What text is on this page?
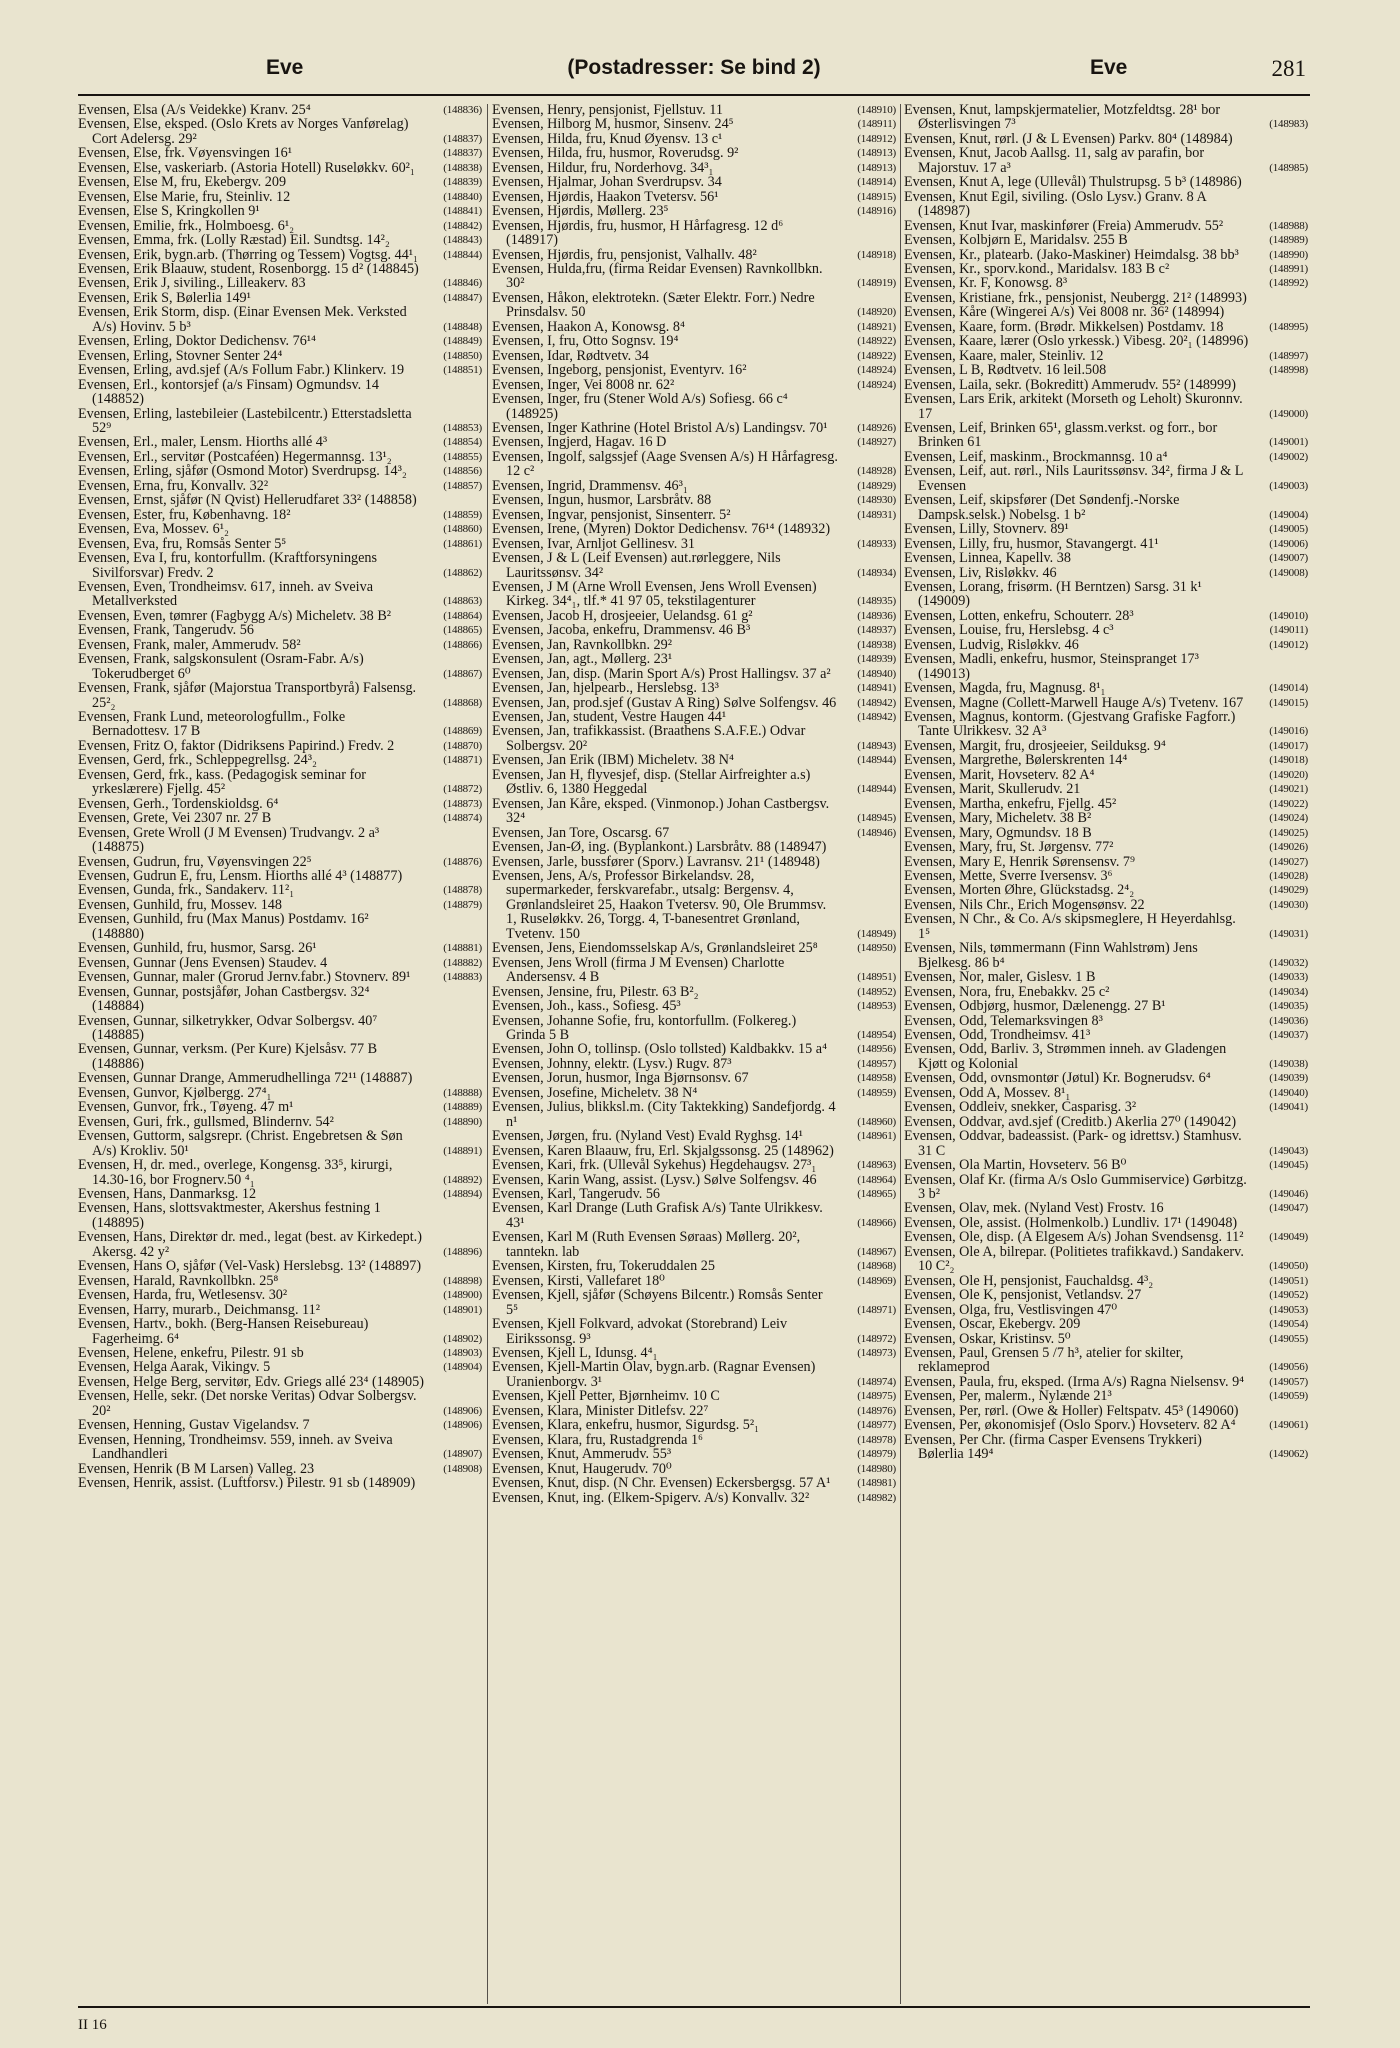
Eve	(Postadresser: Se bind 2)	Eve	281
Evensen, Elsa (A/s Veidekke) Kranv. 25⁴	(148836)
Evensen, Else, eksped. (Oslo Krets av Norges Vanførelag) Cort Adelersg. 29²	(148837)
Evensen, Else, frk. Vøyensvingen 16¹	(148837)
Evensen, Else, vaskeriarb. (Astoria Hotell) Ruseløkkv. 60²₁	(148838)
Evensen, Else M, fru, Ekebergv. 209	(148839)
Evensen, Else Marie, fru, Steinliv. 12	(148840)
Evensen, Else S, Kringkollen 9¹	(148841)
Evensen, Emilie, frk., Holmboesg. 6¹₂	(148842)
Evensen, Emma, frk. (Lolly Ræstad) Eil. Sundtsg. 14²₂	(148843)
Evensen, Erik, bygn.arb. (Thørring og Tessem) Vogtsg. 44¹₁ (148844)
Evensen, Erik Blaauw, student, Rosenborgg. 15 d² (148845)
Evensen, Erik J, siviling., Lilleakerv. 83	(148846)
Evensen, Erik S, Bølerlia 149¹	(148847)
Evensen, Erik Storm, disp. (Einar Evensen Mek. Verksted A/s) Hovinv. 5 b³	(148848)
Evensen, Erling, Doktor Dedichensv. 76¹⁴	(148849)
Evensen, Erling, Stovner Senter 24⁴	(148850)
Evensen, Erling, avd.sjef (A/s Follum Fabr.) Klinkerv. 19	(148851)
Evensen, Erl., kontorsjef (a/s Finsam) Ogmundsv. 14 (148852)
Evensen, Erling, lastebileier (Lastebilcentr.) Etterstadsletta 52⁹	(148853)
Evensen, Erl., maler, Lensm. Hiorths allé 4³	(148854)
Evensen, Erl., servitør (Postcaféen) Hegermannsg. 13¹₂	(148855)
Evensen, Erling, sjåfør (Osmond Motor) Sverdrupsg. 14³₂	(148856)
Evensen, Erna, fru, Konvallv. 32²	(148857)
Evensen, Ernst, sjåfør (N Qvist) Hellerudfaret 33² (148858)
Evensen, Ester, fru, Københavng. 18²	(148859)
Evensen, Eva, Mossev. 6¹₂	(148860)
Evensen, Eva, fru, Romsås Senter 5⁵	(148861)
Evensen, Eva I, fru, kontorfullm. (Kraftforsyningens Sivilforsvar) Fredv. 2	(148862)
Evensen, Even, Trondheimsv. 617, inneh. av Sveiva Metallverksted	(148863)
Evensen, Even, tømrer (Fagbygg A/s) Micheletv. 38 B²	(148864)
Evensen, Frank, Tangerudv. 56	(148865)
Evensen, Frank, maler, Ammerudv. 58²	(148866)
Evensen, Frank, salgskonsulent (Osram-Fabr. A/s) Tokerudberget 6⁰	(148867)
Evensen, Frank, sjåfør (Majorstua Transportbyrå) Falsensg. 25²₂	(148868)
Evensen, Frank Lund, meteorologfullm., Folke Bernadottesv. 17 B	(148869)
Evensen, Fritz O, faktor (Didriksens Papirind.) Fredv. 2	(148870)
Evensen, Gerd, frk., Schleppegrellsg. 24³₂	(148871)
Evensen, Gerd, frk., kass. (Pedagogisk seminar for yrkeslærere) Fjellg. 45²	(148872)
Evensen, Gerh., Tordenskioldsg. 6⁴	(148873)
Evensen, Grete, Vei 2307 nr. 27 B	(148874)
Evensen, Grete Wroll (J M Evensen) Trudvangv. 2 a³ (148875)
Evensen, Gudrun, fru, Vøyensvingen 22⁵	(148876)
Evensen, Gudrun E, fru, Lensm. Hiorths allé 4³ (148877)
Evensen, Gunda, frk., Sandakerv. 11²₁	(148878)
Evensen, Gunhild, fru, Mossev. 148	(148879)
Evensen, Gunhild, fru (Max Manus) Postdamv. 16² (148880)
Evensen, Gunhild, fru, husmor, Sarsg. 26¹	(148881)
Evensen, Gunnar (Jens Evensen) Staudev. 4	(148882)
Evensen, Gunnar, maler (Grorud Jernv.fabr.) Stovnerv. 89¹	(148883)
Evensen, Gunnar, postsjåfør, Johan Castbergsv. 32⁴ (148884)
Evensen, Gunnar, silketrykker, Odvar Solbergsv. 40⁷ (148885)
Evensen, Gunnar, verksm. (Per Kure) Kjelsåsv. 77 B (148886)
Evensen, Gunnar Drange, Ammerudhellinga 72¹¹ (148887)
Evensen, Gunvor, Kjølbergg. 27⁴₁	(148888)
Evensen, Gunvor, frk., Tøyeng. 47 m¹	(148889)
Evensen, Guri, frk., gullsmed, Blindernv. 54²	(148890)
Evensen, Guttorm, salgsrepr. (Christ. Engebretsen & Søn A/s) Krokliv. 50¹	(148891)
Evensen, H, dr. med., overlege, Kongensg. 33⁵, kirurgi, 14.30-16, bor Frognerv.50 ⁴₁	(148892)
Evensen, Hans, Danmarksg. 12	(148894)
Evensen, Hans, slottsvaktmester, Akershus festning 1 (148895)
Evensen, Hans, Direktør dr. med., legat (best. av Kirkedept.) Akersg. 42 y²	(148896)
Evensen, Hans O, sjåfør (Vel-Vask) Herslebsg. 13² (148897)
Evensen, Harald, Ravnkollbkn. 25⁸	(148898)
Evensen, Harda, fru, Wetlesensv. 30²	(148900)
Evensen, Harry, murarb., Deichmansg. 11²	(148901)
Evensen, Hartv., bokh. (Berg-Hansen Reisebureau) Fagerheimg. 6⁴	(148902)
Evensen, Helene, enkefru, Pilestr. 91 sb	(148903)
Evensen, Helga Aarak, Vikingv. 5	(148904)
Evensen, Helge Berg, servitør, Edv. Griegs allé 23⁴ (148905)
Evensen, Helle, sekr. (Det norske Veritas) Odvar Solbergsv. 20²	(148906)
Evensen, Henning, Gustav Vigelandsv. 7	(148906)
Evensen, Henning, Trondheimsv. 559, inneh. av Sveiva Landhandleri	(148907)
Evensen, Henrik (B M Larsen) Valleg. 23	(148908)
Evensen, Henrik, assist. (Luftforsv.) Pilestr. 91 sb (148909)
Evensen, Henry, pensjonist, Fjellstuv. 11	(148910)
Evensen, Hilborg M, husmor, Sinsenv. 24⁵	(148911)
Evensen, Hilda, fru, Knud Øyensv. 13 c¹	(148912)
Evensen, Hilda, fru, husmor, Roverudsg. 9²	(148913)
Evensen, Hildur, fru, Norderhovg. 34³₁	(148913)
Evensen, Hjalmar, Johan Sverdrupsv. 34	(148914)
Evensen, Hjørdis, Haakon Tvetersv. 56¹	(148915)
Evensen, Hjørdis, Møllerg. 23⁵	(148916)
Evensen, Hjørdis, fru, husmor, H Hårfagresg. 12 d⁶ (148917)
Evensen, Hjørdis, fru, pensjonist, Valhallv. 48²	(148918)
Evensen, Hulda,fru, (firma Reidar Evensen) Ravnkollbkn. 30²	(148919)
Evensen, Håkon, elektrotekn. (Sæter Elektr. Forr.) Nedre Prinsdalsv. 50	(148920)
Evensen, Haakon A, Konowsg. 8⁴	(148921)
Evensen, I, fru, Otto Sognsv. 19⁴	(148922)
Evensen, Idar, Rødtvetv. 34	(148922)
Evensen, Ingeborg, pensjonist, Eventyrv. 16²	(148924)
Evensen, Inger, Vei 8008 nr. 62²	(148924)
Evensen, Inger, fru (Stener Wold A/s) Sofiesg. 66 c⁴ (148925)
Evensen, Inger Kathrine (Hotel Bristol A/s) Landingsv. 70¹	(148926)
Evensen, Ingjerd, Hagav. 16 D	(148927)
Evensen, Ingolf, salgssjef (Aage Svensen A/s) H Hårfagresg. 12 c²	(148928)
Evensen, Ingrid, Drammensv. 46³₁	(148929)
Evensen, Ingun, husmor, Larsbråtv. 88	(148930)
Evensen, Ingvar, pensjonist, Sinsenterr. 5²	(148931)
Evensen, Irene, (Myren) Doktor Dedichensv. 76¹⁴ (148932)
Evensen, Ivar, Arnljot Gellinesv. 31	(148933)
Evensen, J & L (Leif Evensen) aut.rørleggere, Nils Lauritssønsv. 34²	(148934)
Evensen, J M (Arne Wroll Evensen, Jens Wroll Evensen) Kirkeg. 34⁴₁, tlf.* 41 97 05, tekstilagenturer	(148935)
Evensen, Jacob H, drosjeeier, Uelandsg. 61 g²	(148936)
Evensen, Jacoba, enkefru, Drammensv. 46 B³	(148937)
Evensen, Jan, Ravnkollbkn. 29²	(148938)
Evensen, Jan, agt., Møllerg. 23¹	(148939)
Evensen, Jan, disp. (Marin Sport A/s) Prost Hallingsv. 37 a² (148940)
Evensen, Jan, hjelpearb., Herslebsg. 13³	(148941)
Evensen, Jan, prod.sjef (Gustav A Ring) Sølve Solfengsv. 46 (148942)
Evensen, Jan, student, Vestre Haugen 44¹	(148942)
Evensen, Jan, trafikkassist. (Braathens S.A.F.E.) Odvar Solbergsv. 20²	(148943)
Evensen, Jan Erik (IBM) Micheletv. 38 N⁴	(148944)
Evensen, Jan H, flyvesjef, disp. (Stellar Airfreighter a.s) Østliv. 6, 1380 Heggedal	(148944)
Evensen, Jan Kåre, eksped. (Vinmonop.) Johan Castbergsv. 32⁴	(148945)
Evensen, Jan Tore, Oscarsg. 67	(148946)
Evensen, Jan-Ø, ing. (Byplankont.) Larsbråtv. 88 (148947)
Evensen, Jarle, bussfører (Sporv.) Lavransv. 21¹ (148948)
Evensen, Jens, A/s, Professor Birkelandsv. 28, supermarkeder, ferskvarefabr., utsalg: Bergensv. 4, Grønlandsleiret 25, Haakon Tvetersv. 90, Ole Brummsv. 1, Ruseløkkv. 26, Torgg. 4, T-banesentret Grønland, Tvetenv. 150	(148949)
Evensen, Jens, Eiendomsselskap A/s, Grønlandsleiret 25⁸	(148950)
Evensen, Jens Wroll (firma J M Evensen) Charlotte Andersensv. 4 B	(148951)
Evensen, Jensine, fru, Pilestr. 63 B²₂	(148952)
Evensen, Joh., kass., Sofiesg. 45³	(148953)
Evensen, Johanne Sofie, fru, kontorfullm. (Folkereg.) Grinda 5 B	(148954)
Evensen, John O, tollinsp. (Oslo tollsted) Kaldbakkv. 15 a⁴	(148956)
Evensen, Johnny, elektr. (Lysv.) Rugv. 87³	(148957)
Evensen, Jorun, husmor, Inga Bjørnsonsv. 67	(148958)
Evensen, Josefine, Micheletv. 38 N⁴	(148959)
Evensen, Julius, blikksl.m. (City Taktekking) Sandefjordg. 4 n¹	(148960)
Evensen, Jørgen, fru. (Nyland Vest) Evald Ryghsg. 14¹	(148961)
Evensen, Karen Blaauw, fru, Erl. Skjalgssonsg. 25 (148962)
Evensen, Kari, frk. (Ullevål Sykehus) Hegdehaugsv. 27³₁	(148963)
Evensen, Karin Wang, assist. (Lysv.) Sølve Solfengsv. 46	(148964)
Evensen, Karl, Tangerudv. 56	(148965)
Evensen, Karl Drange (Luth Grafisk A/s) Tante Ulrikkesv. 43¹	(148966)
Evensen, Karl M (Ruth Evensen Søraas) Møllerg. 20², tanntekn. lab	(148967)
Evensen, Kirsten, fru, Tokeruddalen 25	(148968)
Evensen, Kirsti, Vallefaret 18⁰	(148969)
Evensen, Kjell, sjåfør (Schøyens Bilcentr.) Romsås Senter 5⁵	(148971)
Evensen, Kjell Folkvard, advokat (Storebrand) Leiv Eirikssonsg. 9³	(148972)
Evensen, Kjell L, Idunsg. 4⁴₁	(148973)
Evensen, Kjell-Martin Olav, bygn.arb. (Ragnar Evensen) Uranienborgv. 3¹	(148974)
Evensen, Kjell Petter, Bjørnheimv. 10 C	(148975)
Evensen, Klara, Minister Ditlefsv. 22⁷	(148976)
Evensen, Klara, enkefru, husmor, Sigurdsg. 5²₁	(148977)
Evensen, Klara, fru, Rustadgrenda 1⁶	(148978)
Evensen, Knut, Ammerudv. 55³	(148979)
Evensen, Knut, Haugerudv. 70⁰	(148980)
Evensen, Knut, disp. (N Chr. Evensen) Eckersbergsg. 57 A¹ (148981)
Evensen, Knut, ing. (Elkem-Spigerv. A/s) Konvallv. 32²	(148982)
Evensen, Knut, lampskjermatelier, Motzfeldtsg. 28¹ bor Østerlisvingen 7³	(148983)
Evensen, Knut, rørl. (J & L Evensen) Parkv. 80⁴ (148984)
Evensen, Knut, Jacob Aallsg. 11, salg av parafin, bor Majorstuv. 17 a³	(148985)
Evensen, Knut A, lege (Ullevål) Thulstrupsg. 5 b³ (148986)
Evensen, Knut Egil, siviling. (Oslo Lysv.) Granv. 8 A (148987)
Evensen, Knut Ivar, maskinfører (Freia) Ammerudv. 55²	(148988)
Evensen, Kolbjørn E, Maridalsv. 255 B	(148989)
Evensen, Kr., platearb. (Jako-Maskiner) Heimdalsg. 38 bb³	(148990)
Evensen, Kr., sporv.kond., Maridalsv. 183 B c²	(148991)
Evensen, Kr. F, Konowsg. 8³	(148992)
Evensen, Kristiane, frk., pensjonist, Neubergg. 21² (148993)
Evensen, Kåre (Wingerei A/s) Vei 8008 nr. 36² (148994)
Evensen, Kaare, form. (Brødr. Mikkelsen) Postdamv. 18	(148995)
Evensen, Kaare, lærer (Oslo yrkessk.) Vibesg. 20²₁ (148996)
Evensen, Kaare, maler, Steinliv. 12	(148997)
Evensen, L B, Rødtvetv. 16 leil.508	(148998)
Evensen, Laila, sekr. (Bokreditt) Ammerudv. 55² (148999)
Evensen, Lars Erik, arkitekt (Morseth og Leholt) Skuronnv. 17	(149000)
Evensen, Leif, Brinken 65¹, glassm.verkst. og forr., bor Brinken 61	(149001)
Evensen, Leif, maskinm., Brockmannsg. 10 a⁴	(149002)
Evensen, Leif, aut. rørl., Nils Lauritssønsv. 34², firma J & L Evensen	(149003)
Evensen, Leif, skipsfører (Det Søndenfj.-Norske Dampsk.selsk.) Nobelsg. 1 b²	(149004)
Evensen, Lilly, Stovnerv. 89¹	(149005)
Evensen, Lilly, fru, husmor, Stavangergt. 41¹	(149006)
Evensen, Linnea, Kapellv. 38	(149007)
Evensen, Liv, Risløkkv. 46	(149008)
Evensen, Lorang, frisørm. (H Berntzen) Sarsg. 31 k¹ (149009)
Evensen, Lotten, enkefru, Schouterr. 28³	(149010)
Evensen, Louise, fru, Herslebsg. 4 c³	(149011)
Evensen, Ludvig, Risløkkv. 46	(149012)
Evensen, Madli, enkefru, husmor, Steinspranget 17³ (149013)
Evensen, Magda, fru, Magnusg. 8¹₁	(149014)
Evensen, Magne (Collett-Marwell Hauge A/s) Tvetenv. 167 (149015)
Evensen, Magnus, kontorm. (Gjestvang Grafiske Fagforr.) Tante Ulrikkesv. 32 A³	(149016)
Evensen, Margit, fru, drosjeeier, Seilduksg. 9⁴	(149017)
Evensen, Margrethe, Bølerskrenten 14⁴	(149018)
Evensen, Marit, Hovseterv. 82 A⁴	(149020)
Evensen, Marit, Skullerudv. 21	(149021)
Evensen, Martha, enkefru, Fjellg. 45²	(149022)
Evensen, Mary, Micheletv. 38 B²	(149024)
Evensen, Mary, Ogmundsv. 18 B	(149025)
Evensen, Mary, fru, St. Jørgensv. 77²	(149026)
Evensen, Mary E, Henrik Sørensensv. 7⁹	(149027)
Evensen, Mette, Sverre Iversensv. 3⁶	(149028)
Evensen, Morten Øhre, Glückstadsg. 2⁴₂	(149029)
Evensen, Nils Chr., Erich Mogensønsv. 22	(149030)
Evensen, N Chr., & Co. A/s skipsmeglere, H Heyerdahlsg. 1⁵	(149031)
Evensen, Nils, tømmermann (Finn Wahlstrøm) Jens Bjelkesg. 86 b⁴	(149032)
Evensen, Nor, maler, Gislesv. 1 B	(149033)
Evensen, Nora, fru, Enebakkv. 25 c²	(149034)
Evensen, Odbjørg, husmor, Dælenengg. 27 B¹	(149035)
Evensen, Odd, Telemarksvingen 8³	(149036)
Evensen, Odd, Trondheimsv. 41³	(149037)
Evensen, Odd, Barliv. 3, Strømmen inneh. av Gladengen Kjøtt og Kolonial	(149038)
Evensen, Odd, ovnsmontør (Jøtul) Kr. Bognerudsv. 6⁴	(149039)
Evensen, Odd A, Mossev. 8¹₁	(149040)
Evensen, Oddleiv, snekker, Casparisg. 3²	(149041)
Evensen, Oddvar, avd.sjef (Creditb.) Akerlia 27⁰ (149042)
Evensen, Oddvar, badeassist. (Park- og idrettsv.) Stamhusv. 31 C	(149043)
Evensen, Ola Martin, Hovseterv. 56 B⁰	(149045)
Evensen, Olaf Kr. (firma A/s Oslo Gummiservice) Gørbitzg. 3 b²	(149046)
Evensen, Olav, mek. (Nyland Vest) Frostv. 16	(149047)
Evensen, Ole, assist. (Holmenkolb.) Lundliv. 17¹ (149048)
Evensen, Ole, disp. (A Elgesem A/s) Johan Svendsensg. 11² (149049)
Evensen, Ole A, bilrepar. (Politietes trafikkavd.) Sandakerv. 10 C²₂	(149050)
Evensen, Ole H, pensjonist, Fauchaldsg. 4³₂	(149051)
Evensen, Ole K, pensjonist, Vetlandsv. 27	(149052)
Evensen, Olga, fru, Vestlisvingen 47⁰	(149053)
Evensen, Oscar, Ekebergv. 209	(149054)
Evensen, Oskar, Kristinsv. 5⁰	(149055)
Evensen, Paul, Grensen 5 /7 h³, atelier for skilter, reklameprod	(149056)
Evensen, Paula, fru, eksped. (Irma A/s) Ragna Nielsensv. 9⁴ (149057)
Evensen, Per, malerm., Nylænde 21³	(149059)
Evensen, Per, rørl. (Owe & Holler) Feltspatv. 45³ (149060)
Evensen, Per, økonomisjef (Oslo Sporv.) Hovseterv. 82 A⁴	(149061)
Evensen, Per Chr. (firma Casper Evensens Trykkeri) Bølerlia 149⁴	(149062)
II 16
